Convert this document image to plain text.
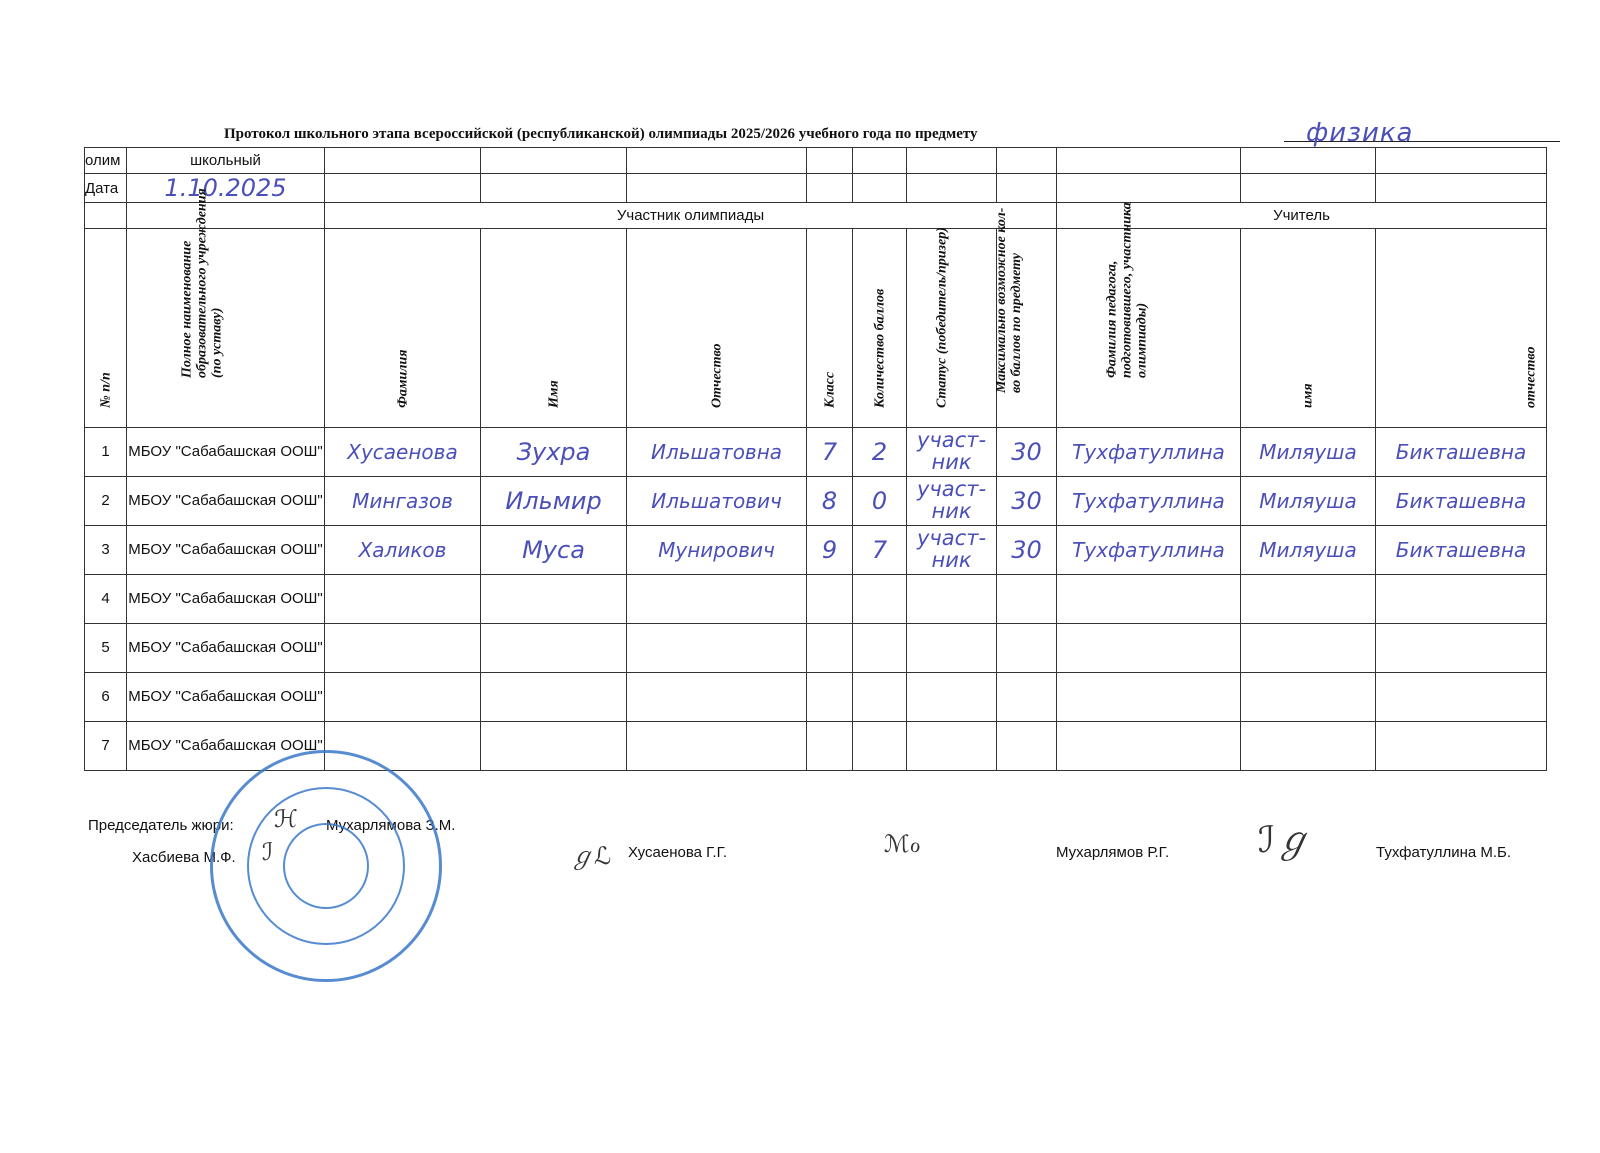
Протокол школьного этапа всероссийской (республиканской) олимпиады 2025/2026 учебного года по предмету	физика
олим	школьный										
Дата	1.10.2025										
		Участник олимпиады							Учитель		

№ п/п	Полное наименование образовательного учреждения (по уставу)	Фамилия	Имя	Отчество	Класс	Количество баллов	Статус (победитель/призер)	Максимально возможное кол-во баллов по предмету	Фамилия педагога, подготовившего, участника олимпиады)	имя	отчество

1	МБОУ "Сабабашская ООШ"	Хусаенова	Зухра	Ильшатовна	7	2	участ-ник	30	Тухфатуллина	Миляуша	Бикташевна
2	МБОУ "Сабабашская ООШ"	Мингазов	Ильмир	Ильшатович	8	0	участ-ник	30	Тухфатуллина	Миляуша	Бикташевна
3	МБОУ "Сабабашская ООШ"	Халиков	Муса	Мунирович	9	7	участ-ник	30	Тухфатуллина	Миляуша	Бикташевна
4	МБОУ "Сабабашская ООШ"										
5	МБОУ "Сабабашская ООШ"										
6	МБОУ "Сабабашская ООШ"										
7	МБОУ "Сабабашская ООШ"										
Председатель жюри: ℋ Мухарлямова З.М.
Хасбиева М.Ф. ℐ	ℊℒ Хусаенова Г.Г.	ℳℴ	Мухарлямов Р.Г. ℐℊ	Тухфатуллина М.Б.
